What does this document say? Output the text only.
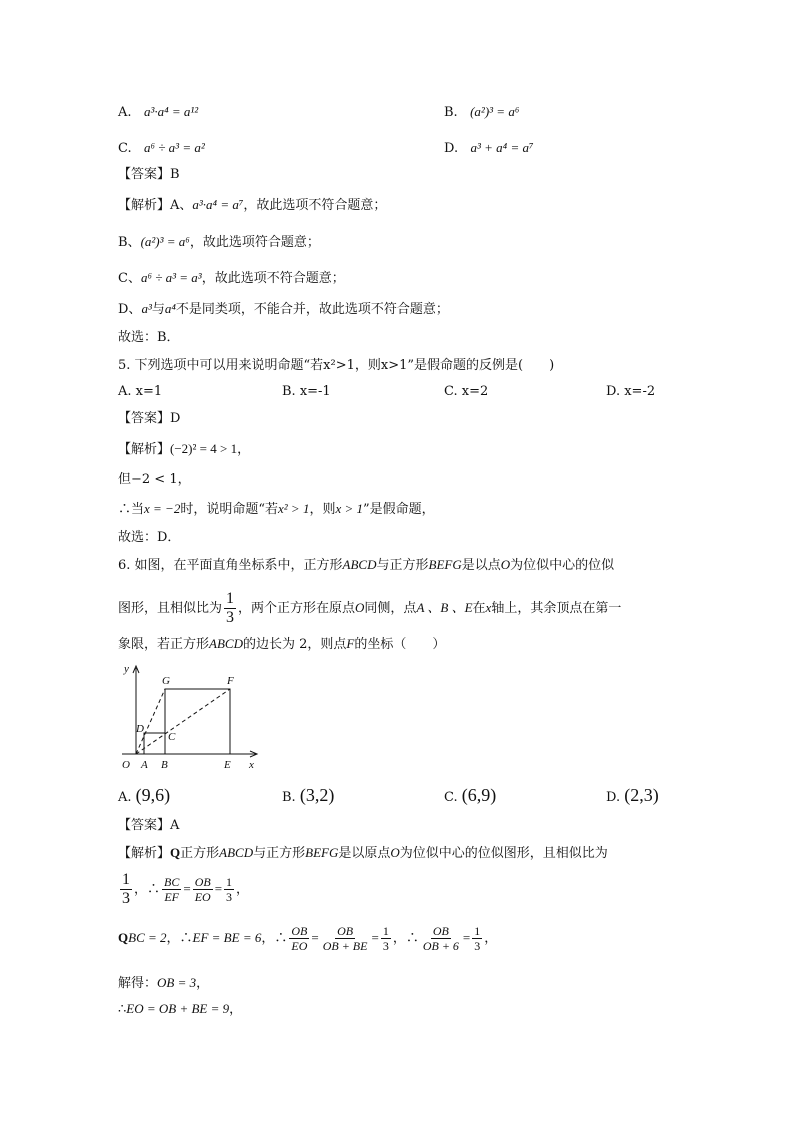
A. a³·a⁴ = a¹²	B. (a²)³ = a⁶
C. a⁶ ÷ a³ = a²	D. a³ + a⁴ = a⁷
【答案】B
【解析】A、a³·a⁴ = a⁷，故此选项不符合题意；
B、(a²)³ = a⁶，故此选项符合题意；
C、a⁶ ÷ a³ = a³，故此选项不符合题意；
D、a³与a⁴不是同类项，不能合并，故此选项不符合题意；
故选：B．
5. 下列选项中可以用来说明命题“若x²>1，则x>1”是假命题的反例是(　　)
A. x=1	B. x=-1	C. x=2	D. x=-2
【答案】D
【解析】(−2)² = 4 > 1，
但−2 < 1，
∴当x = −2时，说明命题“若x² > 1，则x > 1”是假命题，
故选：D．
6. 如图，在平面直角坐标系中，正方形ABCD与正方形BEFG是以点O为位似中心的位似
图形，且相似比为 $\frac{1}{3}$ ，两个正方形在原点O同侧，点A 、B 、E在x轴上，其余顶点在第一
象限，若正方形ABCD的边长为 2，则点F的坐标（　　）
y
G	F
D
C
O A B	E x
A. (9,6)	B. (3,2)	C. (6,9)	D. (2,3)
【答案】A
【解析】Q正方形ABCD与正方形BEFG是以原点O为位似中心的位似图形，且相似比为
$\frac{1}{3}$ ，∴ $\frac{BC}{EF} = \frac{OB}{EO} = \frac{1}{3}$ ，
QBC = 2，∴EF = BE = 6，∴ $\frac{OB}{EO} = \frac{OB}{OB + BE} = \frac{1}{3}$ ，∴ $\frac{OB}{OB + 6} = \frac{1}{3}$ ，
解得：OB = 3，
∴EO = OB + BE = 9，
